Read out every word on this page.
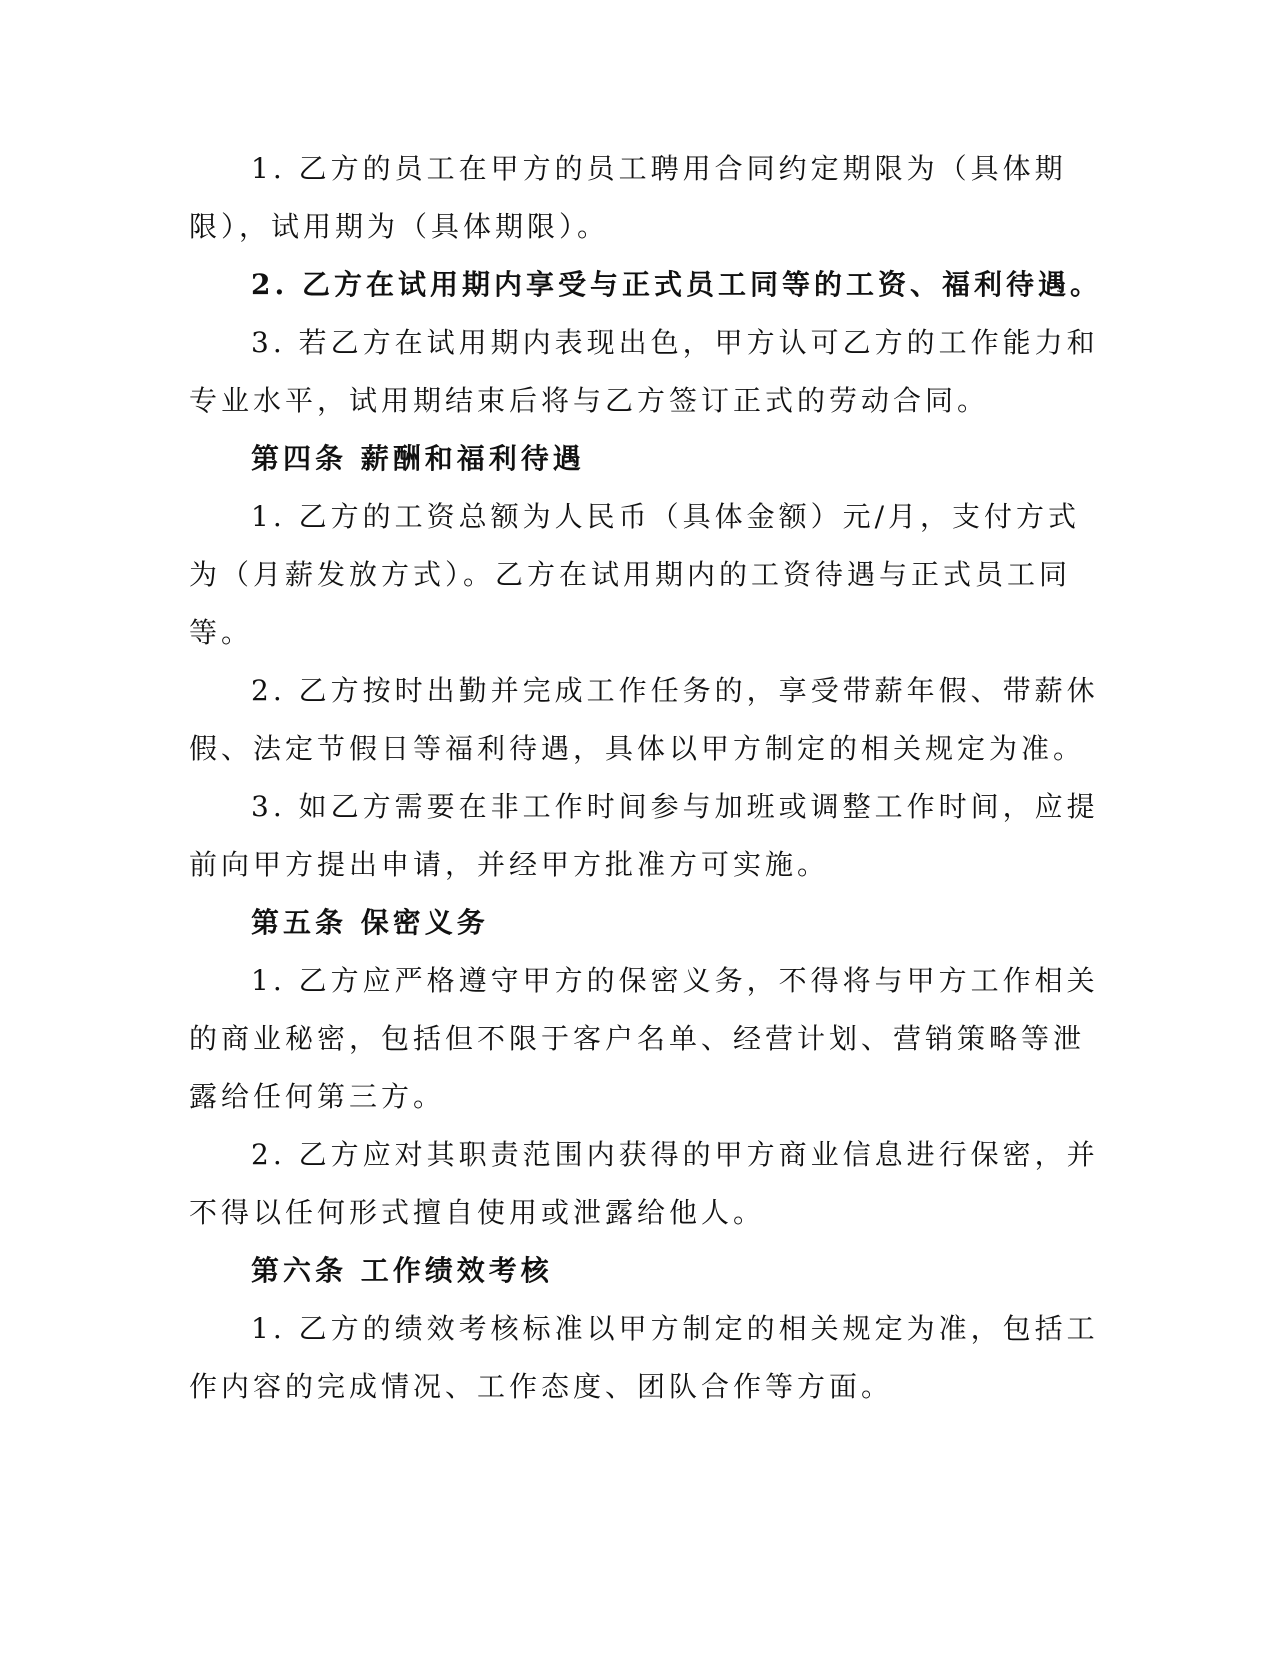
1. 乙方的员工在甲方的员工聘用合同约定期限为（具体期
限），试用期为（具体期限）。
2. 乙方在试用期内享受与正式员工同等的工资、福利待遇。
3. 若乙方在试用期内表现出色，甲方认可乙方的工作能力和
专业水平，试用期结束后将与乙方签订正式的劳动合同。
第四条 薪酬和福利待遇
1. 乙方的工资总额为人民币（具体金额）元/月，支付方式
为（月薪发放方式）。乙方在试用期内的工资待遇与正式员工同
等。
2. 乙方按时出勤并完成工作任务的，享受带薪年假、带薪休
假、法定节假日等福利待遇，具体以甲方制定的相关规定为准。
3. 如乙方需要在非工作时间参与加班或调整工作时间，应提
前向甲方提出申请，并经甲方批准方可实施。
第五条 保密义务
1. 乙方应严格遵守甲方的保密义务，不得将与甲方工作相关
的商业秘密，包括但不限于客户名单、经营计划、营销策略等泄
露给任何第三方。
2. 乙方应对其职责范围内获得的甲方商业信息进行保密，并
不得以任何形式擅自使用或泄露给他人。
第六条 工作绩效考核
1. 乙方的绩效考核标准以甲方制定的相关规定为准，包括工
作内容的完成情况、工作态度、团队合作等方面。
